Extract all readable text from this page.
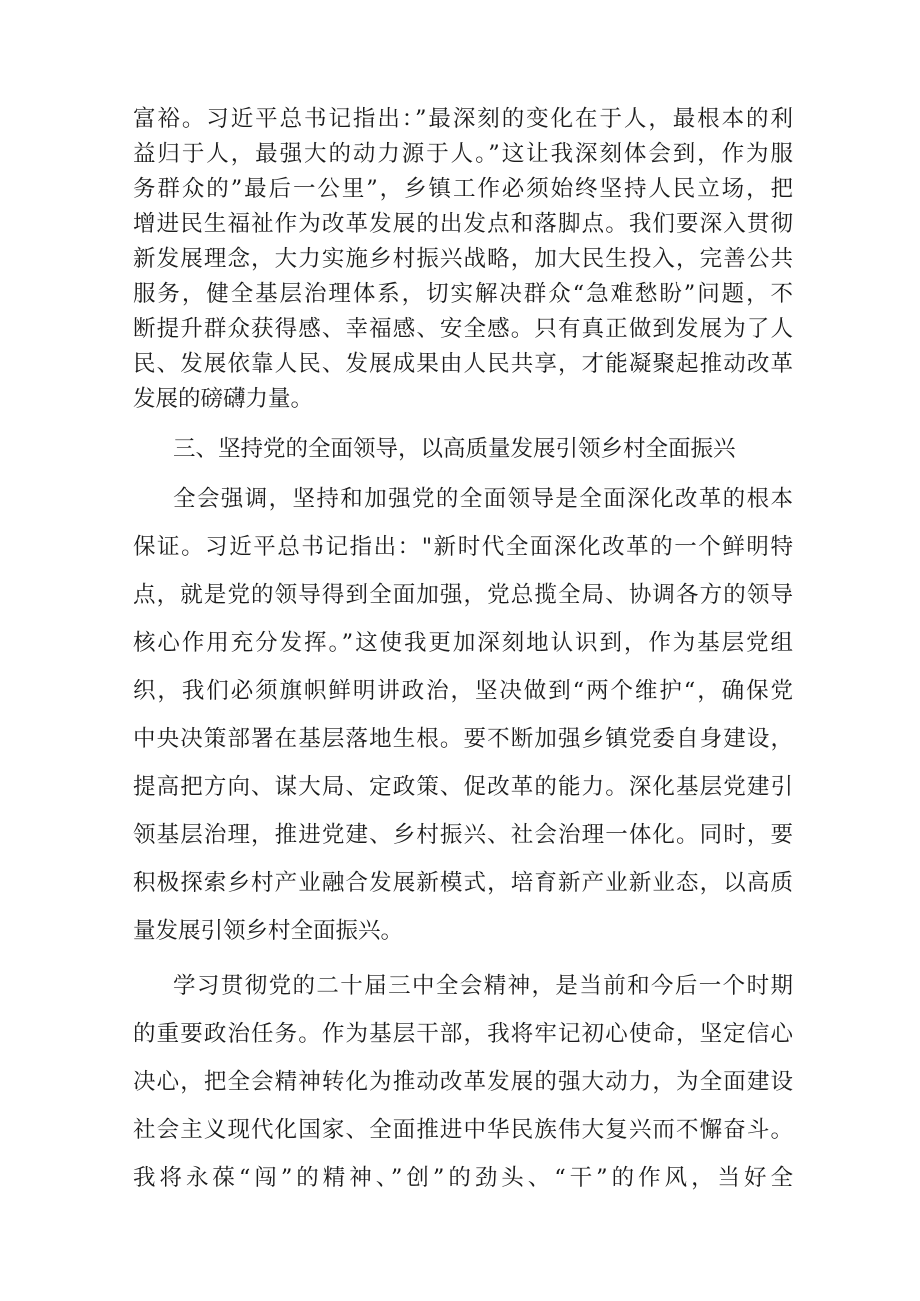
富裕。习近平总书记指出：”最深刻的变化在于人，最根本的利

益归于人，最强大的动力源于人。”这让我深刻体会到，作为服

务群众的”最后一公里”，乡镇工作必须始终坚持人民立场，把

增进民生福祉作为改革发展的出发点和落脚点。我们要深入贯彻

新发展理念，大力实施乡村振兴战略，加大民生投入，完善公共

服务，健全基层治理体系，切实解决群众“急难愁盼”问题，不

断提升群众获得感、幸福感、安全感。只有真正做到发展为了人

民、发展依靠人民、发展成果由人民共享，才能凝聚起推动改革

发展的磅礴力量。

三、坚持党的全面领导，以高质量发展引领乡村全面振兴

全会强调，坚持和加强党的全面领导是全面深化改革的根本

保证。习近平总书记指出："新时代全面深化改革的一个鲜明特

点，就是党的领导得到全面加强，党总揽全局、协调各方的领导

核心作用充分发挥。”这使我更加深刻地认识到，作为基层党组

织，我们必须旗帜鲜明讲政治，坚决做到“两个维护“，确保党

中央决策部署在基层落地生根。要不断加强乡镇党委自身建设，

提高把方向、谋大局、定政策、促改革的能力。深化基层党建引

领基层治理，推进党建、乡村振兴、社会治理一体化。同时，要

积极探索乡村产业融合发展新模式，培育新产业新业态，以高质

量发展引领乡村全面振兴。

学习贯彻党的二十届三中全会精神，是当前和今后一个时期

的重要政治任务。作为基层干部，我将牢记初心使命，坚定信心

决心，把全会精神转化为推动改革发展的强大动力，为全面建设

社会主义现代化国家、全面推进中华民族伟大复兴而不懈奋斗。

我将永葆“闯”的精神、”创”的劲头、“干”的作风，当好全
